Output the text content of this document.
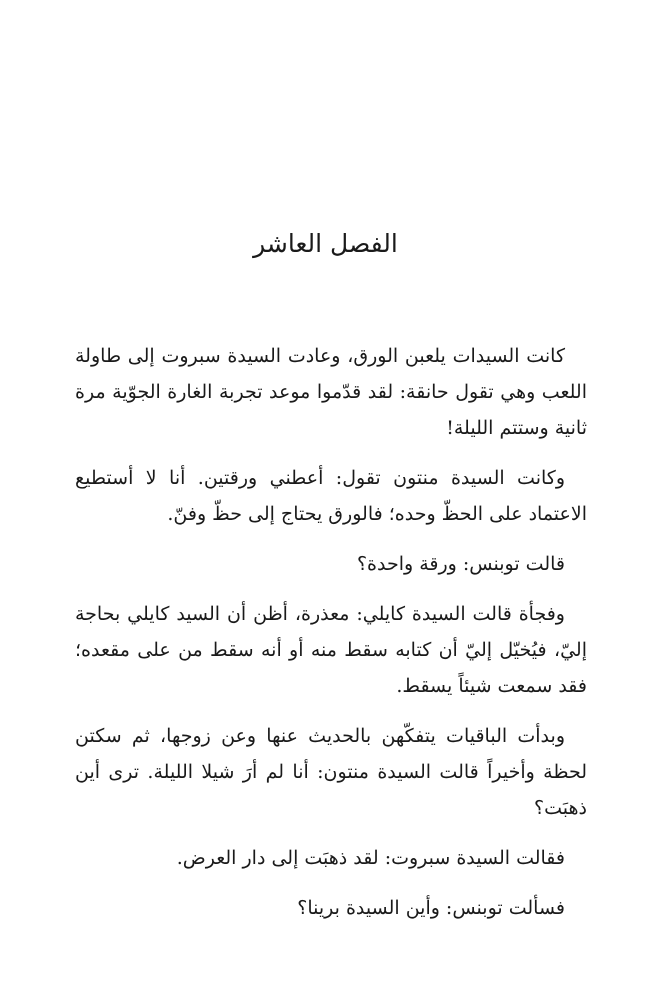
الفصل العاشر

كانت السيدات يلعبن الورق، وعادت السيدة سبروت إلى طاولة اللعب وهي تقول حانقة: لقد قدّموا موعد تجربة الغارة الجوّية مرة ثانية وستتم الليلة!

وكانت السيدة منتون تقول: أعطني ورقتين. أنا لا أستطيع الاعتماد على الحظّ وحده؛ فالورق يحتاج إلى حظّ وفنّ.

قالت توبنس: ورقة واحدة؟

وفجأة قالت السيدة كايلي: معذرة، أظن أن السيد كايلي بحاجة إليّ، فيُخيّل إليّ أن كتابه سقط منه أو أنه سقط من على مقعده؛ فقد سمعت شيئاً يسقط.

وبدأت الباقيات يتفكّهن بالحديث عنها وعن زوجها، ثم سكتن لحظة وأخيراً قالت السيدة منتون: أنا لم أرَ شيلا الليلة. ترى أين ذهبَت؟

فقالت السيدة سبروت: لقد ذهبَت إلى دار العرض.

فسألت توبنس: وأين السيدة برينا؟
